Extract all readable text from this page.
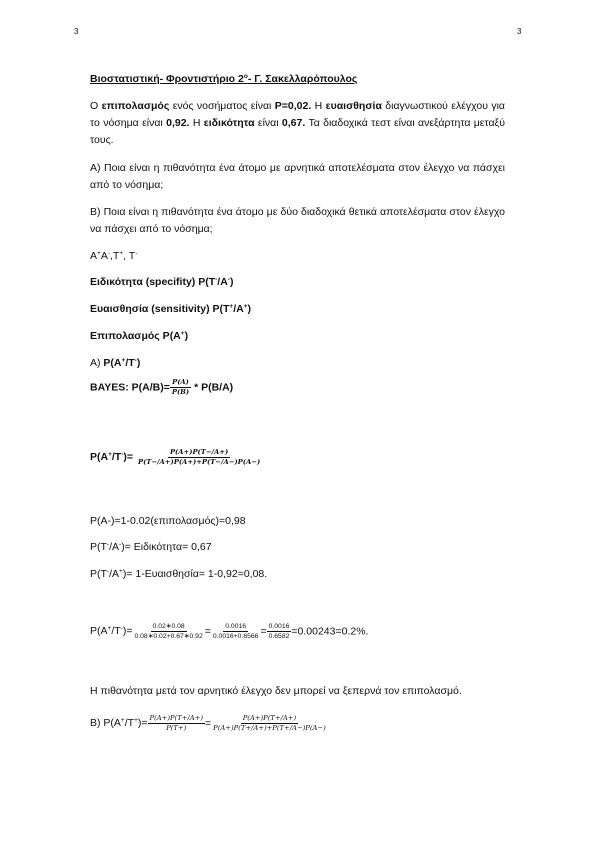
3	3
Βιοστατιστική- Φροντιστήριο $2^o-$ Γ. Σακελλαρόπουλος
Ο επιπολασμός ενός νοσήματος είναι P=0,02. Η ευαισθησία διαγνωστικού ελέγχου για το νόσημα είναι 0,92. Η ειδικότητα είναι 0,67. Τα διαδοχικά τεστ είναι ανεξάρτητα μεταξύ τους.
Α) Ποια είναι η πιθανότητα ένα άτομο με αρνητικά αποτελέσματα στον έλεγχο να πάσχει από το νόσημα;
Β) Ποια είναι η πιθανότητα ένα άτομο με δύο διαδοχικά θετικά αποτελέσματα στον έλεγχο να πάσχει από το νόσημα;
A+A-,T+, T-
Ειδικότητα (specifity) P(T-/A-)
Ευαισθησία (sensitivity) P(T+/A+)
Επιπολασμός P(A+)
Α) P(A+/T-)
BAYES: $P(A/B)= \frac{P(A)}{P(B)} * P(B/A)$
$P(A^+/T^-)= \frac{P(A+)P(T-/A+)}{P(T-/A+)P(A+)+P(T-/A-)P(A-)}$
P(A-)=1-0.02(επιπολασμός)=0,98
P(T-/A-)= Ειδικότητα= 0,67
P(T-/A+)= 1-Ευαισθησία= 1-0,92=0,08.
$P(A^+/T^-)= \frac{0.02∗0.08}{0.08∗0.02+0.67∗0.92} = \frac{0.0016}{0.0016+0.6566} = \frac{0.0016}{0.6582} =0.00243=0.2\%$.
Η πιθανότητα μετά τον αρνητικό έλεγχο δεν μπορεί να ξεπερνά τον επιπολασμό.
Β) $P(A^+/T^+)= \frac{P(A+)P(T+/A+)}{P(T+)} = \frac{P(A+)P(T+/A+)}{P(A+)P(T+/A+)+P(T+/A-)P(A-)}$
